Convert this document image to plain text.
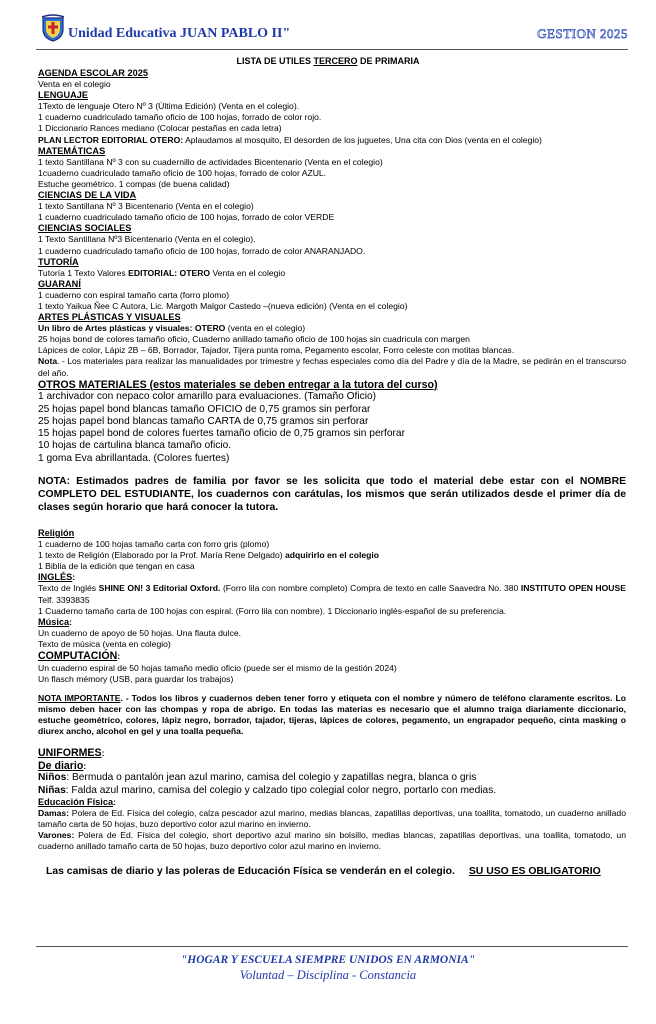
Unidad Educativa JUAN PABLO II"	GESTION 2025
LISTA DE UTILES TERCERO DE PRIMARIA
AGENDA ESCOLAR 2025
Venta en el colegio
LENGUAJE
1Texto de lenguaje Otero Nº 3 (Última Edición) (Venta en el colegio).
1 cuaderno cuadriculado tamaño oficio de 100 hojas, forrado de color rojo.
1 Diccionario Rances mediano (Colocar pestañas en cada letra)
PLAN LECTOR EDITORIAL OTERO: Aplaudamos al mosquito, El desorden de los juguetes, Una cita con Dios (venta en el colegio)
MATEMÁTICAS
1 texto Santillana Nº 3 con su cuadernillo de actividades Bicentenario (Venta en el colegio)
1cuaderno cuadriculado tamaño oficio de 100 hojas, forrado de color AZUL.
Estuche geométrico. 1 compas (de buena calidad)
CIENCIAS DE LA VIDA
1 texto Santillana Nº 3 Bicentenario (Venta en el colegio)
1 cuaderno cuadriculado tamaño oficio de 100 hojas, forrado de color VERDE
CIENCIAS SOCIALES
1 Texto Santillana Nº3 Bicentenario (Venta en el colegio).
1 cuaderno cuadriculado tamaño oficio de 100 hojas, forrado de color ANARANJADO.
TUTORÍA
Tutoría 1 Texto Valores EDITORIAL: OTERO Venta en el colegio
GUARANÍ
1 cuaderno con espiral tamaño carta (forro plomo)
1 texto Yaikua Ñee C Autora, Lic. Margoth Malgor Castedo –(nueva edición) (Venta en el colegio)
ARTES PLÁSTICAS Y VISUALES
Un libro de Artes plásticas y visuales: OTERO (venta en el colegio)
25 hojas bond de colores tamaño oficio, Cuaderno anillado tamaño oficio de 100 hojas sin cuadricula con margen
Lápices de color, Lápiz 2B – 6B, Borrador, Tajador, Tijera punta roma, Pegamento escolar, Forro celeste con motitas blancas.
Nota. - Los materiales para realizar las manualidades por trimestre y fechas especiales como día del Padre y día de la Madre, se pedirán en el transcurso del año.
OTROS MATERIALES (estos materiales se deben entregar a la tutora del curso)
1 archivador con nepaco color amarillo para evaluaciones. (Tamaño Oficio)
25 hojas papel bond blancas tamaño OFICIO de 0,75 gramos sin perforar
25 hojas papel bond blancas tamaño CARTA de 0,75 gramos sin perforar
15 hojas papel bond de colores fuertes tamaño oficio de 0,75 gramos sin perforar
10 hojas de cartulina blanca tamaño oficio.
1 goma Eva abrillantada. (Colores fuertes)
NOTA: Estimados padres de familia por favor se les solicita que todo el material debe estar con el NOMBRE COMPLETO DEL ESTUDIANTE, los cuadernos con carátulas, los mismos que serán utilizados desde el primer día de clases según horario que hará conocer la tutora.
Religión
1 cuaderno de 100 hojas tamaño carta con forro gris (plomo)
1 texto de Religión (Elaborado por la Prof. María Rene Delgado) adquirirlo en el colegio
1 Biblia de la edición que tengan en casa
INGLÉS:
Texto de Inglés SHINE ON! 3 Editorial Oxford. (Forro lila con nombre completo) Compra de texto en calle Saavedra No. 380 INSTITUTO OPEN HOUSE Telf. 3393835
1 Cuaderno tamaño carta de 100 hojas con espiral. (Forro lila con nombre). 1 Diccionario inglés-español de su preferencia.
Música:
Un cuaderno de apoyo de 50 hojas. Una flauta dulce.
Texto de música (venta en colegio)
COMPUTACIÓN:
Un cuaderno espiral de 50 hojas tamaño medio oficio (puede ser el mismo de la gestión 2024)
Un flasch mémory (USB, para guardar los trabajos)
NOTA IMPORTANTE. - Todos los libros y cuadernos deben tener forro y etiqueta con el nombre y número de teléfono claramente escritos. Lo mismo deben hacer con las chompas y ropa de abrigo. En todas las materias es necesario que el alumno traiga diariamente diccionario, estuche geométrico, colores, lápiz negro, borrador, tajador, tijeras, lápices de colores, pegamento, un engrapador pequeño, cinta masking o diurex ancho, alcohol en gel y una toalla pequeña.
UNIFORMES:
De diario:
Niños: Bermuda o pantalón jean azul marino, camisa del colegio y zapatillas negra, blanca o gris
Niñas: Falda azul marino, camisa del colegio y calzado tipo colegial color negro, portarlo con medias.
Educación Física:
Damas: Polera de Ed. Física del colegio, calza pescador azul marino, medias blancas, zapatillas deportivas, una toallita, tomatodo, un cuaderno anillado tamaño carta de 50 hojas, buzo deportivo color azul marino en invierno.
Varones: Polera de Ed. Física del colegio, short deportivo azul marino sin bolsillo, medias blancas, zapatillas deportivas, una toallita, tomatodo, un cuaderno anillado tamaño carta de 50 hojas, buzo deportivo color azul marino en invierno.
Las camisas de diario y las poleras de Educación Física se venderán en el colegio. SU USO ES OBLIGATORIO
"HOGAR Y ESCUELA SIEMPRE UNIDOS EN ARMONIA"
Voluntad – Disciplina - Constancia
